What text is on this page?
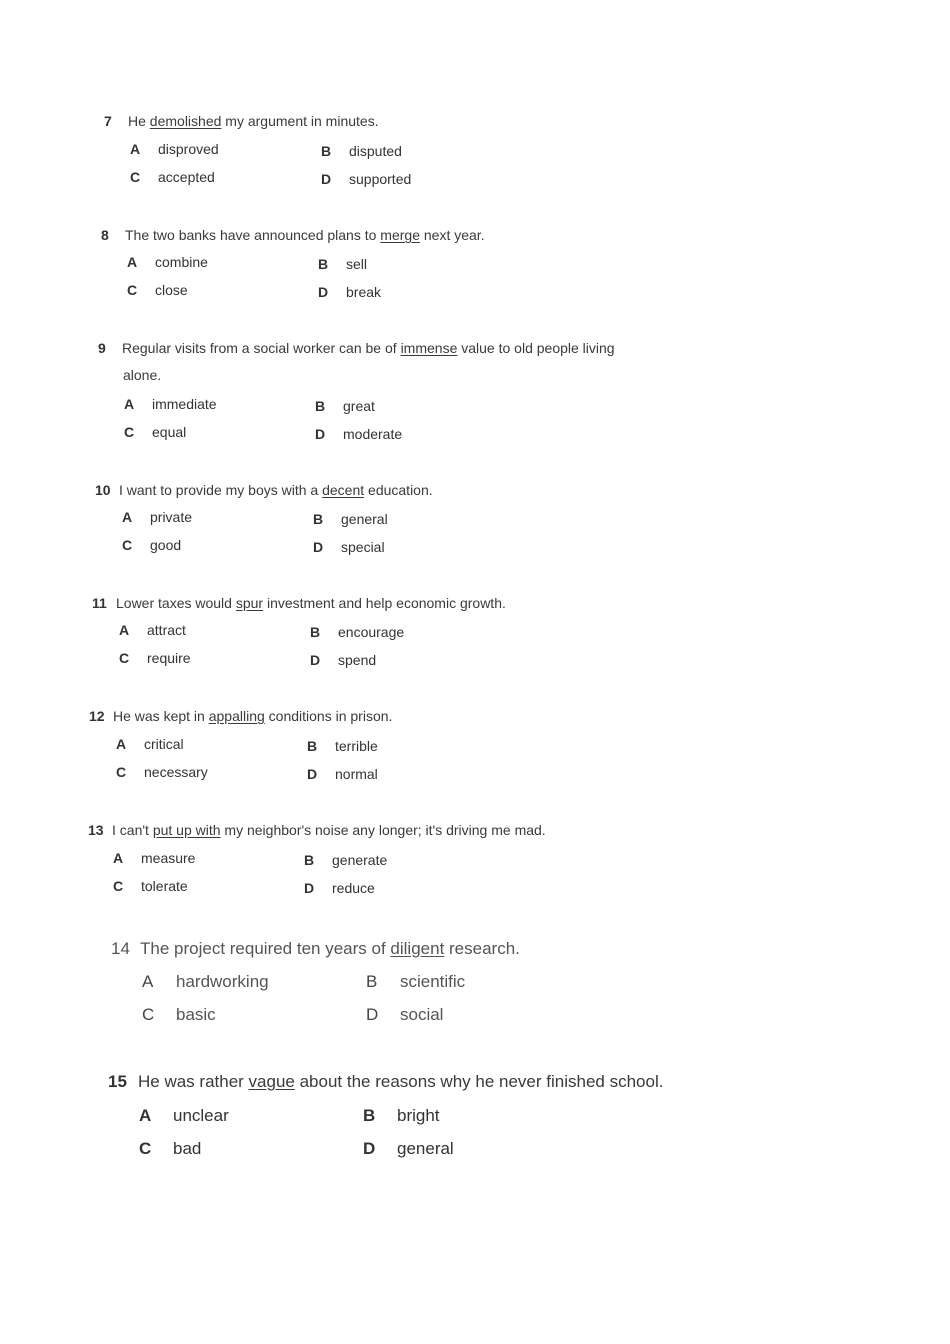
7 He demolished my argument in minutes.
A disproved	B disputed
C accepted	D supported
8 The two banks have announced plans to merge next year.
A combine	B sell
C close	D break
9 Regular visits from a social worker can be of immense value to old people living
alone.
A immediate	B great
C equal	D moderate
10 I want to provide my boys with a decent education.
A private	B general
C good	D special
11 Lower taxes would spur investment and help economic growth.
A attract	B encourage
C require	D spend
12 He was kept in appalling conditions in prison.
A critical	B terrible
C necessary	D normal
13 I can't put up with my neighbor's noise any longer; it's driving me mad.
A measure	B generate
C tolerate	D reduce
14 The project required ten years of diligent research.
A hardworking	B scientific
C basic	D social
15 He was rather vague about the reasons why he never finished school.
A unclear	B bright
C bad	D general
